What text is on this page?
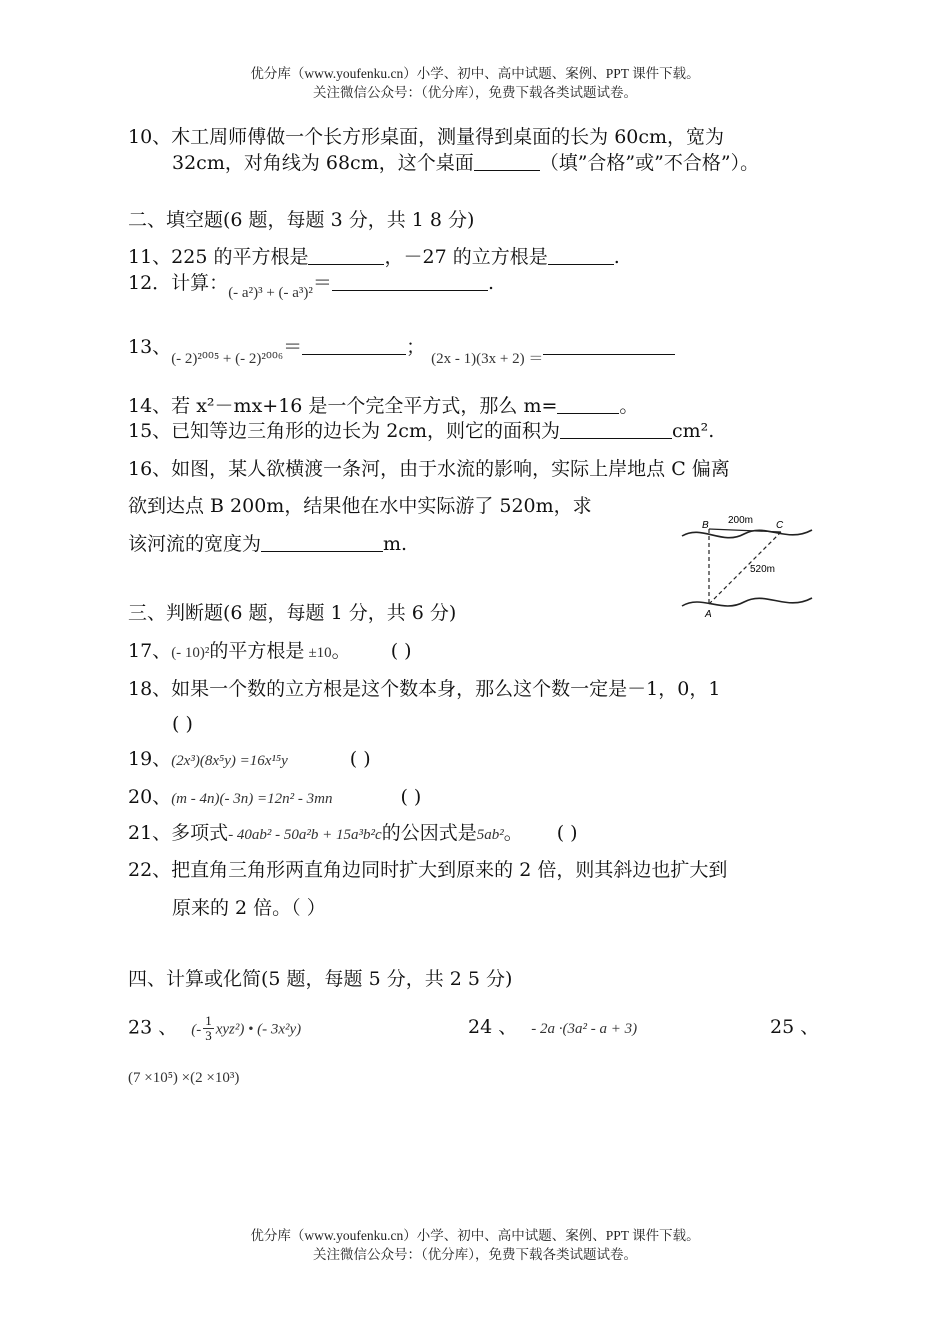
优分库（www.youfenku.cn）小学、初中、高中试题、案例、PPT 课件下载。
关注微信公众号：（优分库），免费下载各类试题试卷。
10、木工周师傅做一个长方形桌面，测量得到桌面的长为 60cm，宽为
32cm，对角线为 68cm，这个桌面	（填”合格”或”不合格”）。
二、填空题(6 题，每题 3 分，共 1 8 分)
11、225 的平方根是	，－27 的立方根是	.
12．计算：$_{(- a^2)^3 + (- a^3)^2}$＝	.
13、$_{(- 2)^{2005} + (- 2)^{2006}}$＝	；$_{(2x - 1)(3x + 2) =}$
14、若 x²－mx+16 是一个完全平方式，那么 m=	。
15、已知等边三角形的边长为 2cm，则它的面积为	cm².
16、如图，某人欲横渡一条河，由于水流的影响，实际上岸地点 C 偏离
欲到达点 B 200m，结果他在水中实际游了 520m，求
该河流的宽度为	m.
B	C
A
200m
520m
三、判断题(6 题，每题 1 分，共 6 分)
17、(- 10)²的平方根是 ±10。 ( )
18、如果一个数的立方根是这个数本身，那么这个数一定是－1，0，1
( )
19、(2x³)(8x⁵y) =16x¹⁵y	( )
20、(m - 4n)(- 3n) =12n² - 3mn	( )
21、多项式- 40ab² - 50a²b + 15a³b²c的公因式是5ab²。 ( )
22、把直角三角形两直角边同时扩大到原来的 2 倍，则其斜边也扩大到
原来的 2 倍。（ ）
四、计算或化简(5 题，每题 5 分，共 2 5 分)
23 、 (- $\frac{1}{3} xyz^2$) • (- 3x²y)	24 、 - 2a ·(3a² - a + 3)	25 、
(7 ×10⁵) ×(2 ×10³)
优分库（www.youfenku.cn）小学、初中、高中试题、案例、PPT 课件下载。
关注微信公众号：（优分库），免费下载各类试题试卷。
